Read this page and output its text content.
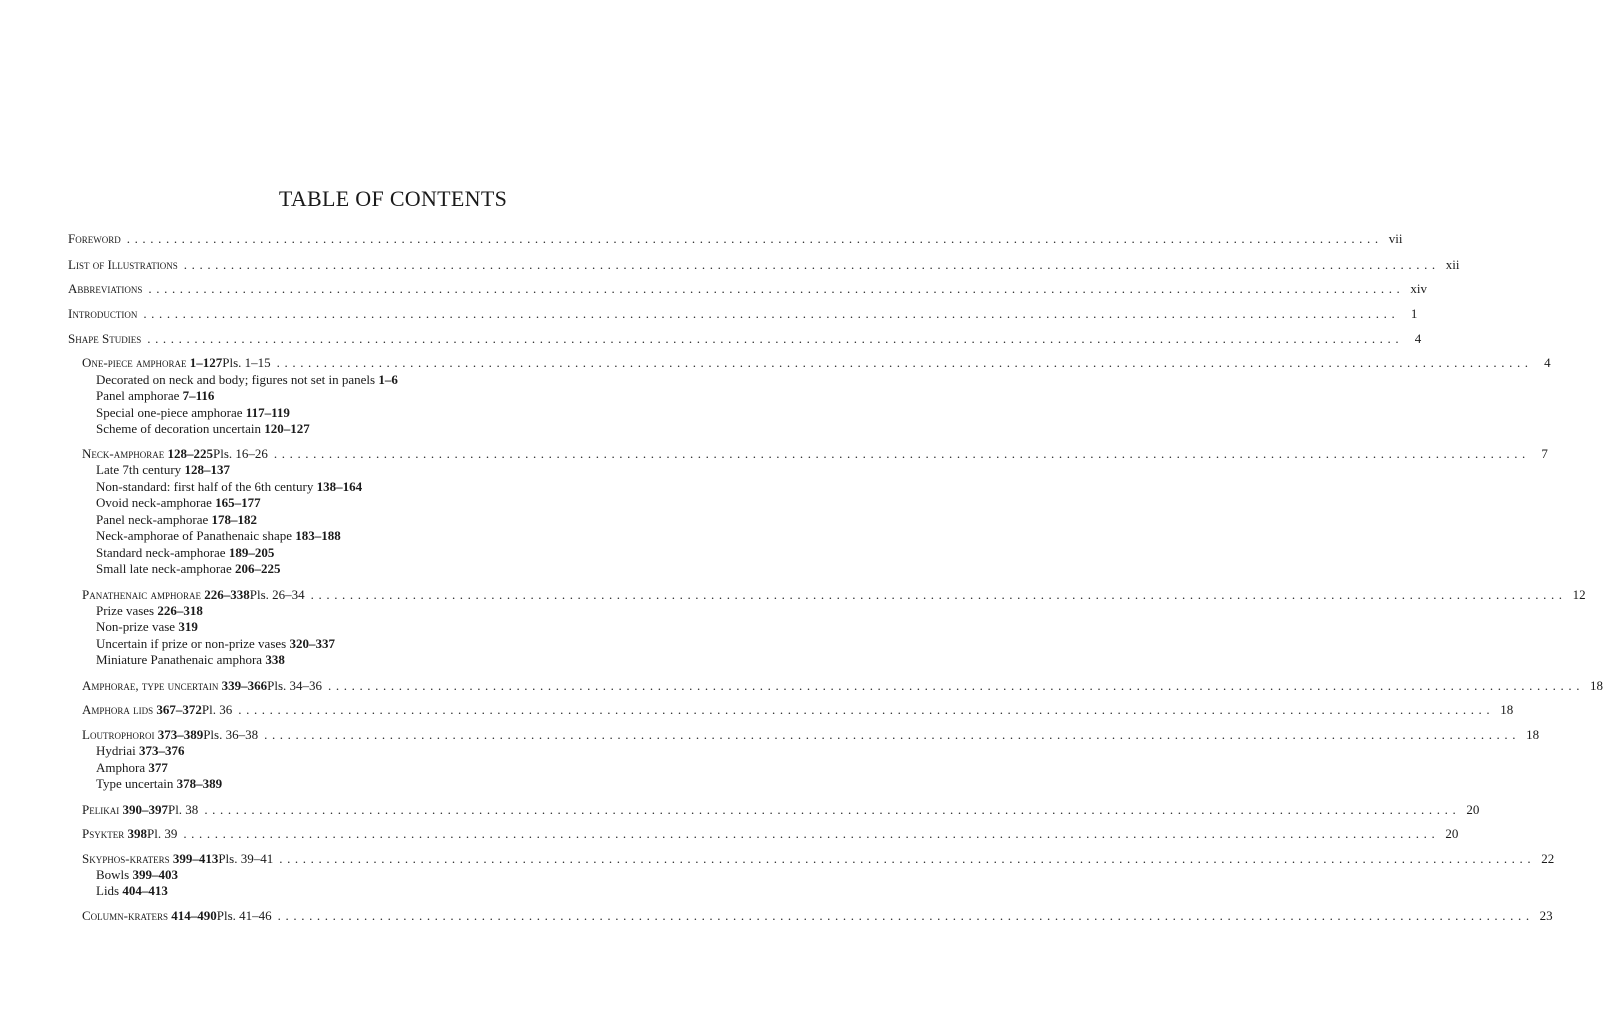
TABLE OF CONTENTS
Foreword ................................................................................................................................................................ vii
List of Illustrations ................................................................................................................................................................ xii
Abbreviations ................................................................................................................................................................ xiv
Introduction ................................................................................................................................................................ 1
Shape Studies ................................................................................................................................................................ 4
One-piece amphorae
1–127 Pls. 1–15 ................................................................................................................................................................ 4
Decorated on neck and body; figures not set in panels 1–6
Panel amphorae 7–116
Special one-piece amphorae 117–119
Scheme of decoration uncertain 120–127
Neck-amphorae
128–225 Pls. 16–26 ................................................................................................................................................................ 7
Late 7th century 128–137
Non-standard: first half of the 6th century 138–164
Ovoid neck-amphorae 165–177
Panel neck-amphorae 178–182
Neck-amphorae of Panathenaic shape 183–188
Standard neck-amphorae 189–205
Small late neck-amphorae 206–225
Panathenaic amphorae
226–338 Pls. 26–34 ................................................................................................................................................................ 12
Prize vases 226–318
Non-prize vase 319
Uncertain if prize or non-prize vases 320–337
Miniature Panathenaic amphora 338
Amphorae, type uncertain
339–366 Pls. 34–36 ................................................................................................................................................................ 18
Amphora lids
367–372 Pl. 36 ................................................................................................................................................................ 18
Loutrophoroi
373–389 Pls. 36–38 ................................................................................................................................................................ 18
Hydriai 373–376
Amphora 377
Type uncertain 378–389
Pelikai
390–397 Pl. 38 ................................................................................................................................................................ 20
Psykter
398 Pl. 39 ................................................................................................................................................................ 20
Skyphos-kraters
399–413 Pls. 39–41 ................................................................................................................................................................ 22
Bowls 399–403
Lids 404–413
Column-kraters
414–490 Pls. 41–46 ................................................................................................................................................................ 23
